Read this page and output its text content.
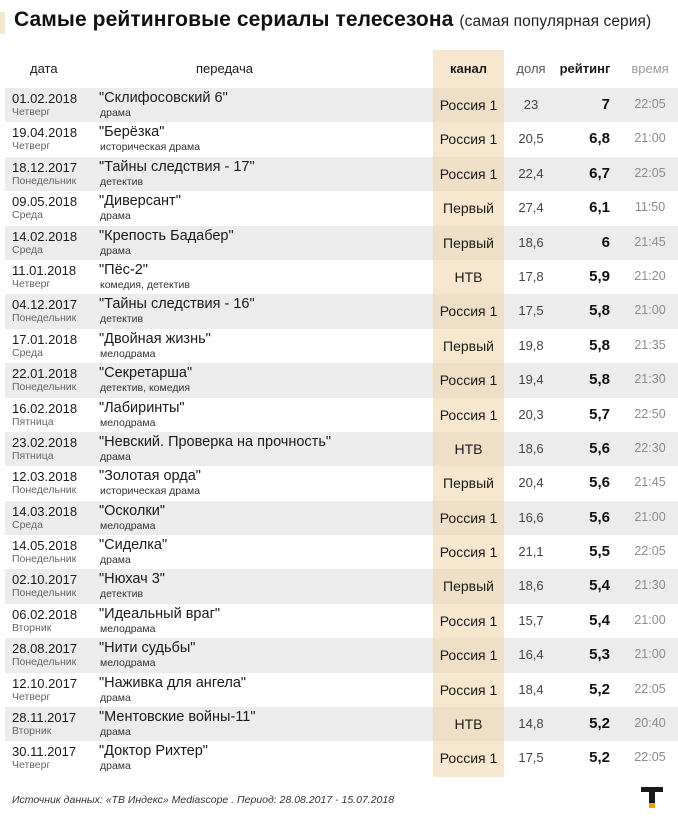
Самые рейтинговые сериалы телесезона (самая популярная серия)
дата	передача	канал	доля	рейтинг	время
01.02.2018
Четверг
"Склифосовский 6"
драма	Россия 1	23	7	22:05
19.04.2018
Четверг
"Берёзка"
историческая драма	Россия 1	20,5	6,8	21:00
18.12.2017
Понедельник
"Тайны следствия - 17"
детектив	Россия 1	22,4	6,7	22:05
09.05.2018
Среда
"Диверсант"
драма	Первый	27,4	6,1	11:50
14.02.2018
Среда
"Крепость Бадабер"
драма	Первый	18,6	6	21:45
11.01.2018
Четверг
"Пёс-2"
комедия, детектив	НТВ	17,8	5,9	21:20
04.12.2017
Понедельник
"Тайны следствия - 16"
детектив	Россия 1	17,5	5,8	21:00
17.01.2018
Среда
"Двойная жизнь"
мелодрама	Первый	19,8	5,8	21:35
22.01.2018
Понедельник
"Секретарша"
детектив, комедия	Россия 1	19,4	5,8	21:30
16.02.2018
Пятница
"Лабиринты"
мелодрама	Россия 1	20,3	5,7	22:50
23.02.2018
Пятница
"Невский. Проверка на прочность"
драма	НТВ	18,6	5,6	22:30
12.03.2018
Понедельник
"Золотая орда"
историческая драма	Первый	20,4	5,6	21:45
14.03.2018
Среда
"Осколки"
мелодрама	Россия 1	16,6	5,6	21:00
14.05.2018
Понедельник
"Сиделка"
драма	Россия 1	21,1	5,5	22:05
02.10.2017
Понедельник
"Нюхач 3"
детектив	Первый	18,6	5,4	21:30
06.02.2018
Вторник
"Идеальный враг"
мелодрама	Россия 1	15,7	5,4	21:00
28.08.2017
Понедельник
"Нити судьбы"
мелодрама	Россия 1	16,4	5,3	21:00
12.10.2017
Четверг
"Наживка для ангела"
драма	Россия 1	18,4	5,2	22:05
28.11.2017
Вторник
"Ментовские войны-11"
драма	НТВ	14,8	5,2	20:40
30.11.2017
Четверг
"Доктор Рихтер"
драма	Россия 1	17,5	5,2	22:05
Источник данных: «ТВ Индекс» Mediascope . Период: 28.08.2017 - 15.07.2018
